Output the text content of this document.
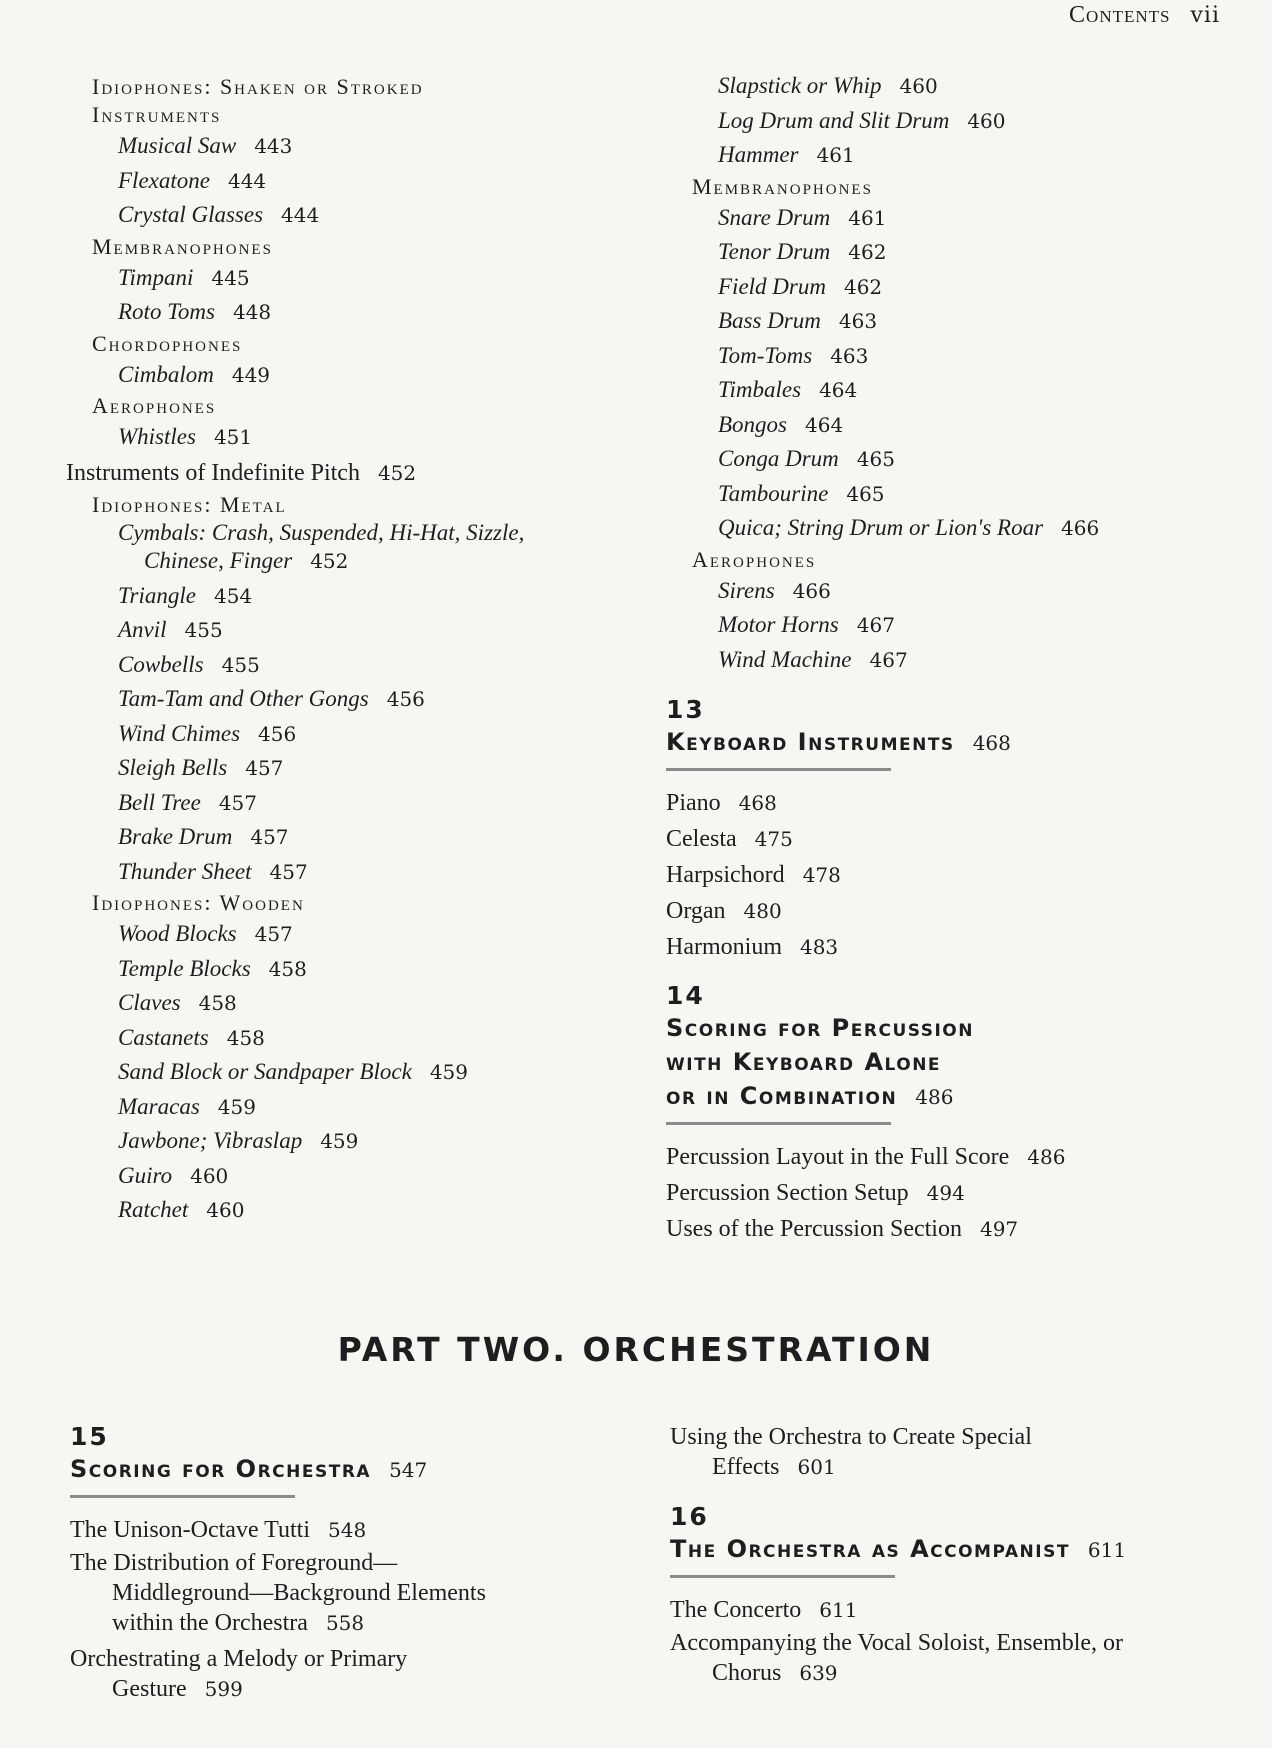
Contents vii
Idiophones: Shaken or Stroked
Instruments
Musical Saw 443
Flexatone 444
Crystal Glasses 444
Membranophones
Timpani 445
Roto Toms 448
Chordophones
Cimbalom 449
Aerophones
Whistles 451
Instruments of Indefinite Pitch 452
Idiophones: Metal
Cymbals: Crash, Suspended, Hi-Hat, Sizzle,
Chinese, Finger 452
Triangle 454
Anvil 455
Cowbells 455
Tam-Tam and Other Gongs 456
Wind Chimes 456
Sleigh Bells 457
Bell Tree 457
Brake Drum 457
Thunder Sheet 457
Idiophones: Wooden
Wood Blocks 457
Temple Blocks 458
Claves 458
Castanets 458
Sand Block or Sandpaper Block 459
Maracas 459
Jawbone; Vibraslap 459
Guiro 460
Ratchet 460
Slapstick or Whip 460
Log Drum and Slit Drum 460
Hammer 461
Membranophones
Snare Drum 461
Tenor Drum 462
Field Drum 462
Bass Drum 463
Tom-Toms 463
Timbales 464
Bongos 464
Conga Drum 465
Tambourine 465
Quica; String Drum or Lion's Roar 466
Aerophones
Sirens 466
Motor Horns 467
Wind Machine 467
13
Keyboard Instruments 468
Piano 468
Celesta 475
Harpsichord 478
Organ 480
Harmonium 483
14
Scoring for Percussion
with Keyboard Alone
or in Combination 486
Percussion Layout in the Full Score 486
Percussion Section Setup 494
Uses of the Percussion Section 497
PART TWO. ORCHESTRATION
15
Scoring for Orchestra 547
The Unison-Octave Tutti 548
The Distribution of Foreground—
Middleground—Background Elements
within the Orchestra 558
Orchestrating a Melody or Primary
Gesture 599
Using the Orchestra to Create Special
Effects 601
16
The Orchestra as Accompanist 611
The Concerto 611
Accompanying the Vocal Soloist, Ensemble, or
Chorus 639
